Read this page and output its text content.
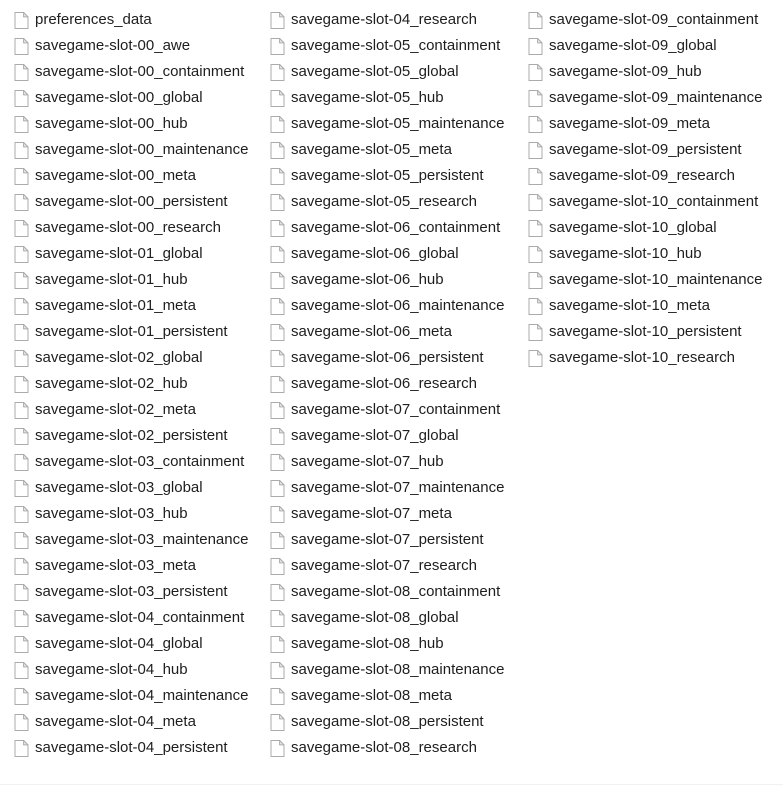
preferences_data
savegame-slot-00_awe
savegame-slot-00_containment
savegame-slot-00_global
savegame-slot-00_hub
savegame-slot-00_maintenance
savegame-slot-00_meta
savegame-slot-00_persistent
savegame-slot-00_research
savegame-slot-01_global
savegame-slot-01_hub
savegame-slot-01_meta
savegame-slot-01_persistent
savegame-slot-02_global
savegame-slot-02_hub
savegame-slot-02_meta
savegame-slot-02_persistent
savegame-slot-03_containment
savegame-slot-03_global
savegame-slot-03_hub
savegame-slot-03_maintenance
savegame-slot-03_meta
savegame-slot-03_persistent
savegame-slot-04_containment
savegame-slot-04_global
savegame-slot-04_hub
savegame-slot-04_maintenance
savegame-slot-04_meta
savegame-slot-04_persistent
savegame-slot-04_research
savegame-slot-05_containment
savegame-slot-05_global
savegame-slot-05_hub
savegame-slot-05_maintenance
savegame-slot-05_meta
savegame-slot-05_persistent
savegame-slot-05_research
savegame-slot-06_containment
savegame-slot-06_global
savegame-slot-06_hub
savegame-slot-06_maintenance
savegame-slot-06_meta
savegame-slot-06_persistent
savegame-slot-06_research
savegame-slot-07_containment
savegame-slot-07_global
savegame-slot-07_hub
savegame-slot-07_maintenance
savegame-slot-07_meta
savegame-slot-07_persistent
savegame-slot-07_research
savegame-slot-08_containment
savegame-slot-08_global
savegame-slot-08_hub
savegame-slot-08_maintenance
savegame-slot-08_meta
savegame-slot-08_persistent
savegame-slot-08_research
savegame-slot-09_containment
savegame-slot-09_global
savegame-slot-09_hub
savegame-slot-09_maintenance
savegame-slot-09_meta
savegame-slot-09_persistent
savegame-slot-09_research
savegame-slot-10_containment
savegame-slot-10_global
savegame-slot-10_hub
savegame-slot-10_maintenance
savegame-slot-10_meta
savegame-slot-10_persistent
savegame-slot-10_research
